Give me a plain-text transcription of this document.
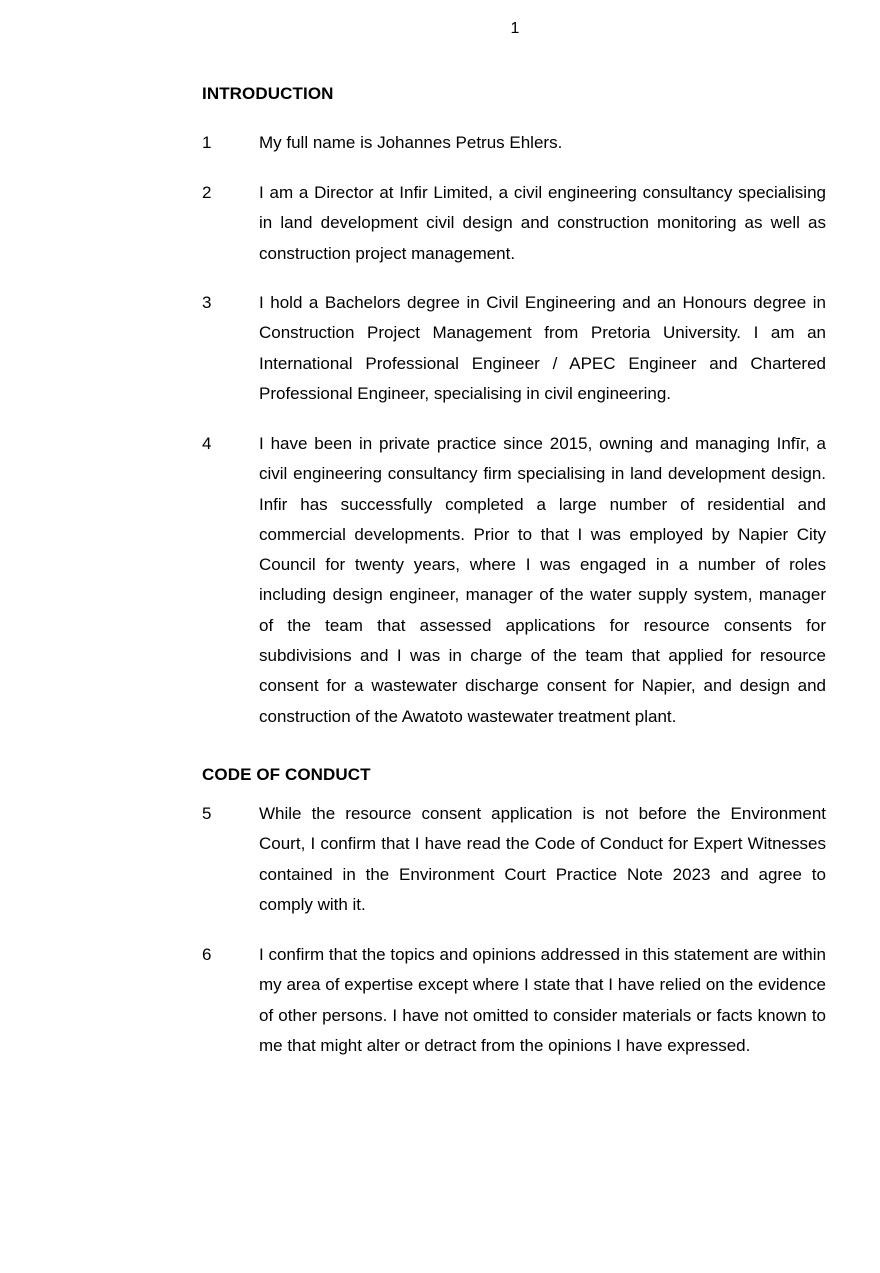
1
INTRODUCTION
1	My full name is Johannes Petrus Ehlers.
2	I am a Director at Infir Limited, a civil engineering consultancy specialising in land development civil design and construction monitoring as well as construction project management.
3	I hold a Bachelors degree in Civil Engineering and an Honours degree in Construction Project Management from Pretoria University. I am an International Professional Engineer / APEC Engineer and Chartered Professional Engineer, specialising in civil engineering.
4	I have been in private practice since 2015, owning and managing Infīr, a civil engineering consultancy firm specialising in land development design. Infir has successfully completed a large number of residential and commercial developments. Prior to that I was employed by Napier City Council for twenty years, where I was engaged in a number of roles including design engineer, manager of the water supply system, manager of the team that assessed applications for resource consents for subdivisions and I was in charge of the team that applied for resource consent for a wastewater discharge consent for Napier, and design and construction of the Awatoto wastewater treatment plant.
CODE OF CONDUCT
5	While the resource consent application is not before the Environment Court, I confirm that I have read the Code of Conduct for Expert Witnesses contained in the Environment Court Practice Note 2023 and agree to comply with it.
6	I confirm that the topics and opinions addressed in this statement are within my area of expertise except where I state that I have relied on the evidence of other persons. I have not omitted to consider materials or facts known to me that might alter or detract from the opinions I have expressed.
